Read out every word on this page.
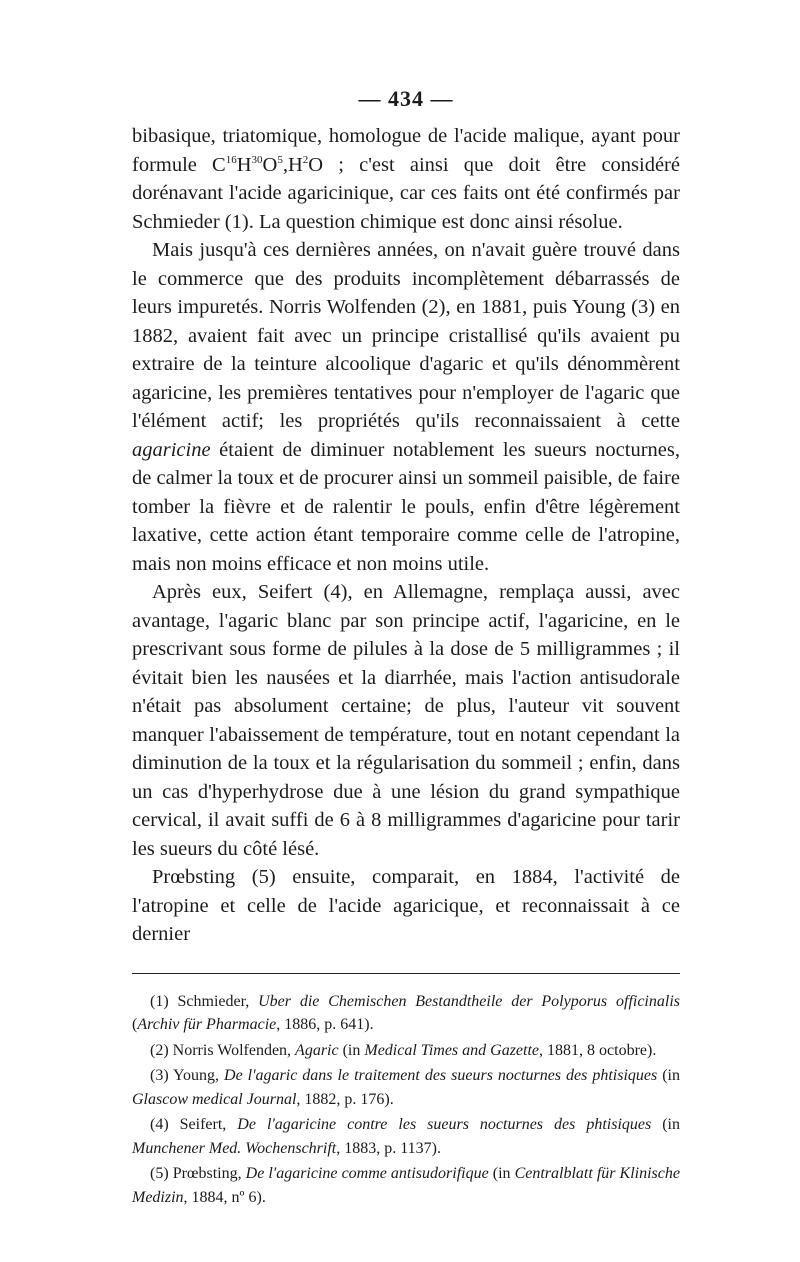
— 434 —

bibasique, triatomique, homologue de l'acide malique, ayant pour formule $C^{16}H^{30}O^5,H^2O$ ; c'est ainsi que doit être considéré dorénavant l'acide agaricinique, car ces faits ont été confirmés par Schmieder (1). La question chimique est donc ainsi résolue.

Mais jusqu'à ces dernières années, on n'avait guère trouvé dans le commerce que des produits incomplètement débarrassés de leurs impuretés. Norris Wolfenden (2), en 1881, puis Young (3) en 1882, avaient fait avec un principe cristallisé qu'ils avaient pu extraire de la teinture alcoolique d'agaric et qu'ils dénommèrent agaricine, les premières tentatives pour n'employer de l'agaric que l'élément actif; les propriétés qu'ils reconnaissaient à cette agaricine étaient de diminuer notablement les sueurs nocturnes, de calmer la toux et de procurer ainsi un sommeil paisible, de faire tomber la fièvre et de ralentir le pouls, enfin d'être légèrement laxative, cette action étant temporaire comme celle de l'atropine, mais non moins efficace et non moins utile.

Après eux, Seifert (4), en Allemagne, remplaça aussi, avec avantage, l'agaric blanc par son principe actif, l'agaricine, en le prescrivant sous forme de pilules à la dose de 5 milligrammes ; il évitait bien les nausées et la diarrhée, mais l'action antisudorale n'était pas absolument certaine; de plus, l'auteur vit souvent manquer l'abaissement de température, tout en notant cependant la diminution de la toux et la régularisation du sommeil ; enfin, dans un cas d'hyperhydrose due à une lésion du grand sympathique cervical, il avait suffi de 6 à 8 milligrammes d'agaricine pour tarir les sueurs du côté lésé.

Prœbsting (5) ensuite, comparait, en 1884, l'activité de l'atropine et celle de l'acide agaricique, et reconnaissait à ce dernier

(1) Schmieder, Uber die Chemischen Bestandtheile der Polyporus officinalis (Archiv für Pharmacie, 1886, p. 641).

(2) Norris Wolfenden, Agaric (in Medical Times and Gazette, 1881, 8 octobre).

(3) Young, De l'agaric dans le traitement des sueurs nocturnes des phtisiques (in Glascow medical Journal, 1882, p. 176).

(4) Seifert, De l'agaricine contre les sueurs nocturnes des phtisiques (in Munchener Med. Wochenschrift, 1883, p. 1137).

(5) Prœbsting, De l'agaricine comme antisudorifique (in Centralblatt für Klinische Medizin, 1884, nº 6).
